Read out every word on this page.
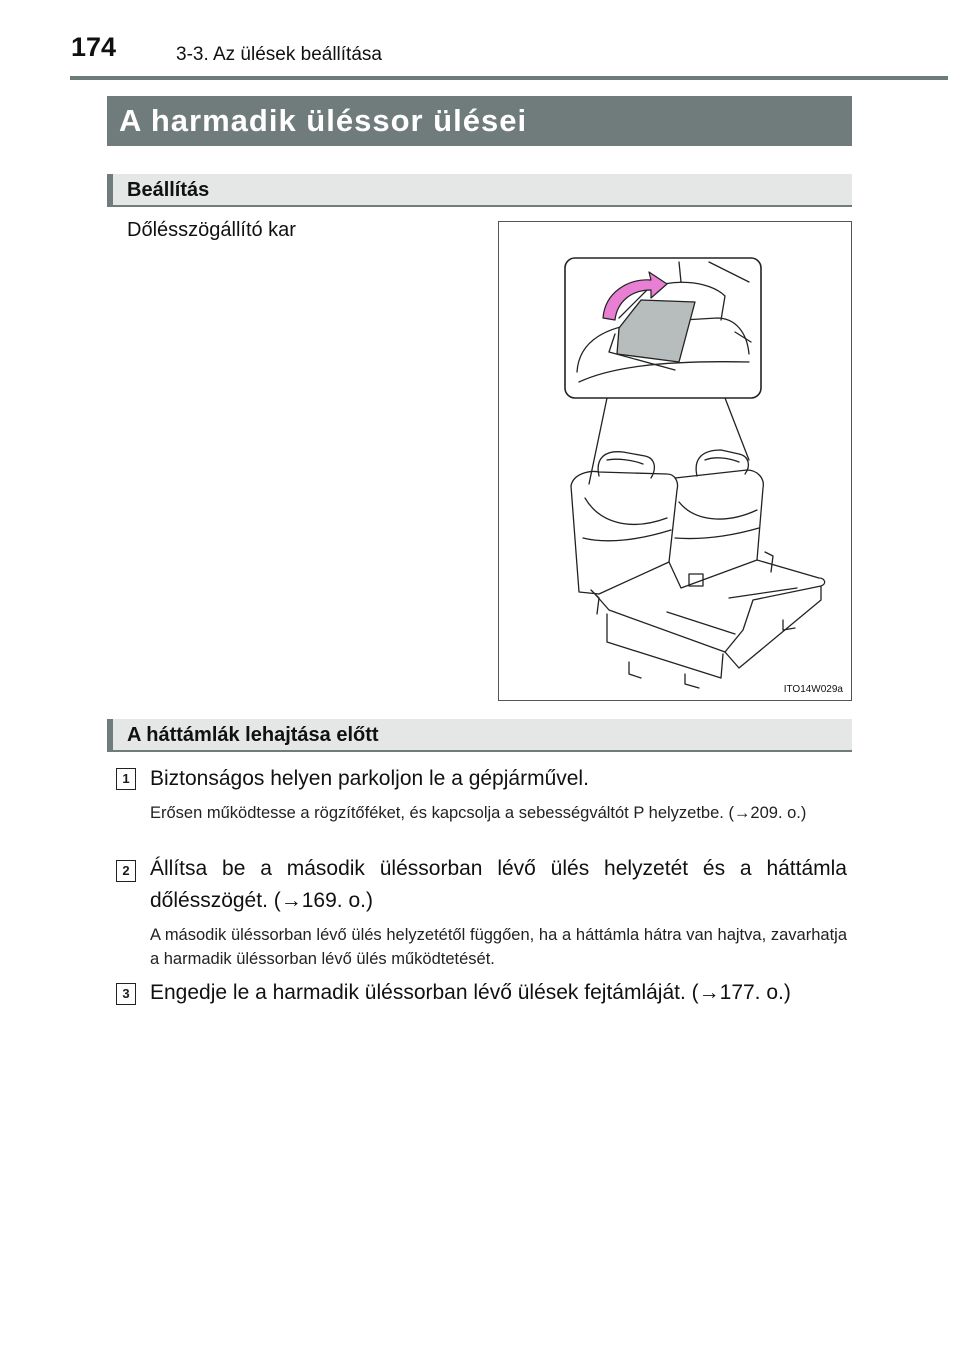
174	3-3. Az ülések beállítása
A harmadik üléssor ülései
Beállítás
Dőlésszögállító kar
ITO14W029a
A háttámlák lehajtása előtt
1 Biztonságos helyen parkoljon le a gépjárművel.
Erősen működtesse a rögzítőféket, és kapcsolja a sebességváltót P helyzetbe. (→209. o.)
2 Állítsa be a második üléssorban lévő ülés helyzetét és a háttámla dőlésszögét. (→169. o.)
A második üléssorban lévő ülés helyzetétől függően, ha a háttámla hátra van hajtva, zavarhatja a harmadik üléssorban lévő ülés működtetését.
3 Engedje le a harmadik üléssorban lévő ülések fejtámláját. (→177. o.)
